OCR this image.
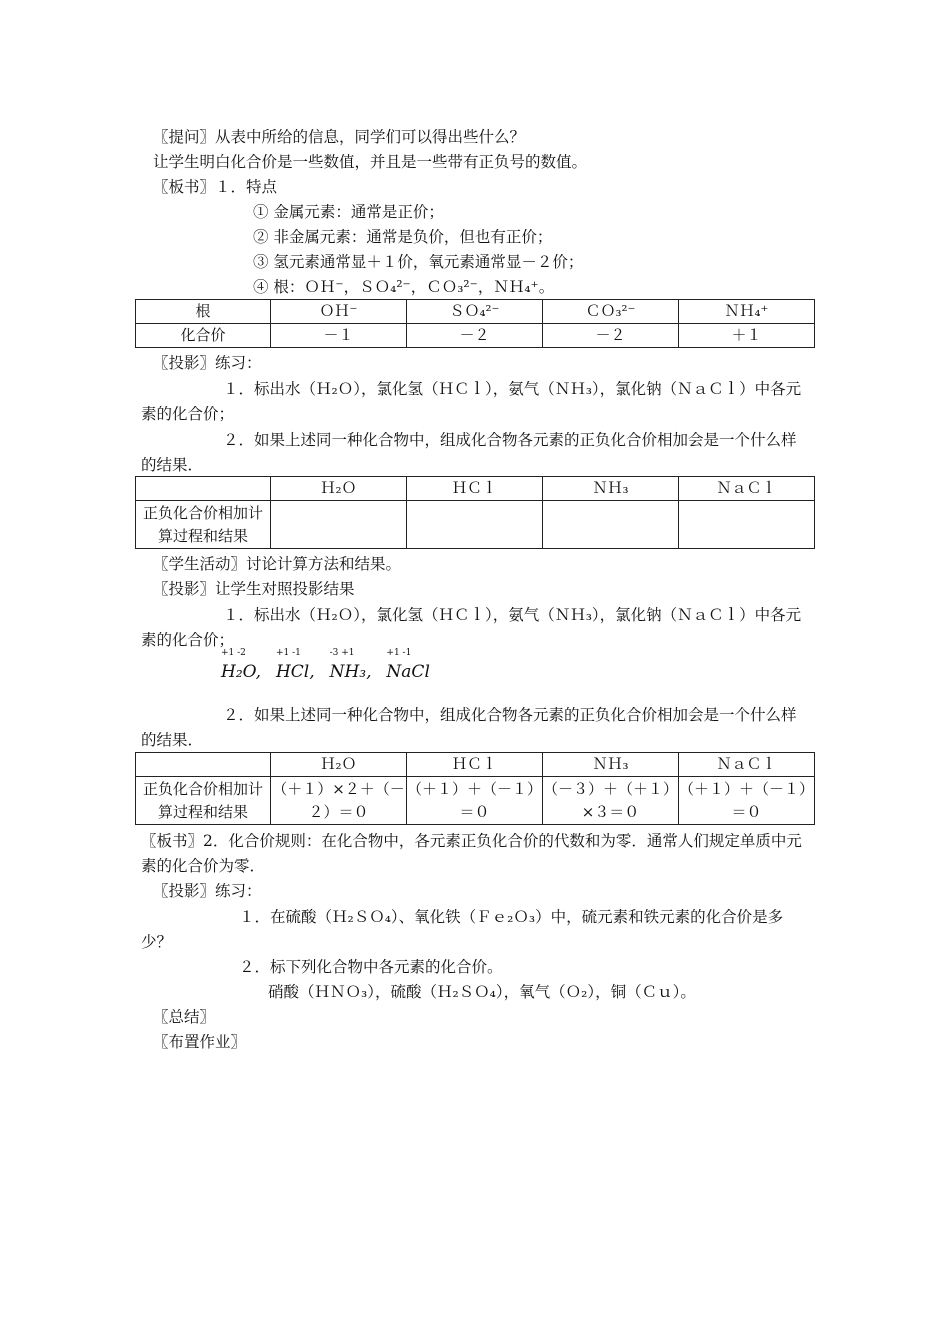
〖提问〗从表中所给的信息，同学们可以得出些什么？
让学生明白化合价是一些数值，并且是一些带有正负号的数值。
〖板书〗１．特点
① 金属元素：通常是正价；
② 非金属元素：通常是负价，但也有正价；
③ 氢元素通常显＋１价，氧元素通常显－２价；
④ 根：ＯＨ⁻，ＳＯ₄²⁻，ＣＯ₃²⁻，ＮＨ₄⁺。
根	ＯＨ⁻	ＳＯ₄²⁻	ＣＯ₃²⁻	ＮＨ₄⁺
化合价	－１	－２	－２	＋１
〖投影〗练习：
１．标出水（Ｈ₂Ｏ），氯化氢（ＨＣｌ），氨气（ＮＨ₃），氯化钠（ＮａＣｌ）中各元素的化合价；
２．如果上述同一种化合物中，组成化合物各元素的正负化合价相加会是一个什么样的结果．
	Ｈ₂Ｏ	ＨＣｌ	ＮＨ₃	ＮａＣｌ
正负化合价相加计算过程和结果				
〖学生活动〗讨论计算方法和结果。
〖投影〗让学生对照投影结果
１．标出水（Ｈ₂Ｏ），氯化氢（ＨＣｌ），氨气（ＮＨ₃），氯化钠（ＮａＣｌ）中各元素的化合价；
+1 -2
H₂O,
+1 -1
HCl,
-3 +1
NH₃,
+1 -1
NaCl
２．如果上述同一种化合物中，组成化合物各元素的正负化合价相加会是一个什么样的结果．
	Ｈ₂Ｏ	ＨＣｌ	ＮＨ₃	ＮａＣｌ
正负化合价相加计算过程和结果	（＋１）×２＋（－２）＝０	（＋１）＋（－１）＝０	（－３）＋（＋１）×３＝０	（＋１）＋（－１）＝０
〖板书〗2．化合价规则：在化合物中，各元素正负化合价的代数和为零．通常人们规定单质中元素的化合价为零．
〖投影〗练习：
１．在硫酸（Ｈ₂ＳＯ₄）、氧化铁（Ｆｅ₂Ｏ₃）中，硫元素和铁元素的化合价是多少？
２．标下列化合物中各元素的化合价。
硝酸（ＨＮＯ₃），硫酸（Ｈ₂ＳＯ₄），氧气（Ｏ₂），铜（Ｃｕ）。
〖总结〗
〖布置作业〗
